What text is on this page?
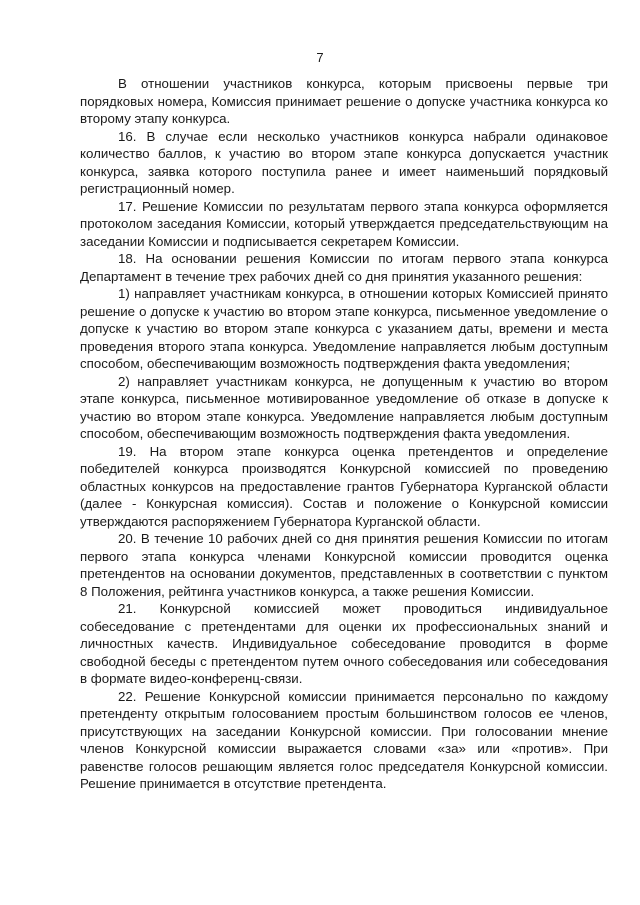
7

В отношении участников конкурса, которым присвоены первые три порядковых номера, Комиссия принимает решение о допуске участника конкурса ко второму этапу конкурса.

16. В случае если несколько участников конкурса набрали одинаковое количество баллов, к участию во втором этапе конкурса допускается участник конкурса, заявка которого поступила ранее и имеет наименьший порядковый регистрационный номер.

17. Решение Комиссии по результатам первого этапа конкурса оформляется протоколом заседания Комиссии, который утверждается председательствующим на заседании Комиссии и подписывается секретарем Комиссии.

18. На основании решения Комиссии по итогам первого этапа конкурса Департамент в течение трех рабочих дней со дня принятия указанного решения:

1) направляет участникам конкурса, в отношении которых Комиссией принято решение о допуске к участию во втором этапе конкурса, письменное уведомление о допуске к участию во втором этапе конкурса с указанием даты, времени и места проведения второго этапа конкурса. Уведомление направляется любым доступным способом, обеспечивающим возможность подтверждения факта уведомления;

2) направляет участникам конкурса, не допущенным к участию во втором этапе конкурса, письменное мотивированное уведомление об отказе в допуске к участию во втором этапе конкурса. Уведомление направляется любым доступным способом, обеспечивающим возможность подтверждения факта уведомления.

19. На втором этапе конкурса оценка претендентов и определение победителей конкурса производятся Конкурсной комиссией по проведению областных конкурсов на предоставление грантов Губернатора Курганской области (далее - Конкурсная комиссия). Состав и положение о Конкурсной комиссии утверждаются распоряжением Губернатора Курганской области.

20. В течение 10 рабочих дней со дня принятия решения Комиссии по итогам первого этапа конкурса членами Конкурсной комиссии проводится оценка претендентов на основании документов, представленных в соответствии с пунктом 8 Положения, рейтинга участников конкурса, а также решения Комиссии.

21. Конкурсной комиссией может проводиться индивидуальное собеседование с претендентами для оценки их профессиональных знаний и личностных качеств. Индивидуальное собеседование проводится в форме свободной беседы с претендентом путем очного собеседования или собеседования в формате видео-конференц-связи.

22. Решение Конкурсной комиссии принимается персонально по каждому претенденту открытым голосованием простым большинством голосов ее членов, присутствующих на заседании Конкурсной комиссии. При голосовании мнение членов Конкурсной комиссии выражается словами «за» или «против». При равенстве голосов решающим является голос председателя Конкурсной комиссии. Решение принимается в отсутствие претендента.
